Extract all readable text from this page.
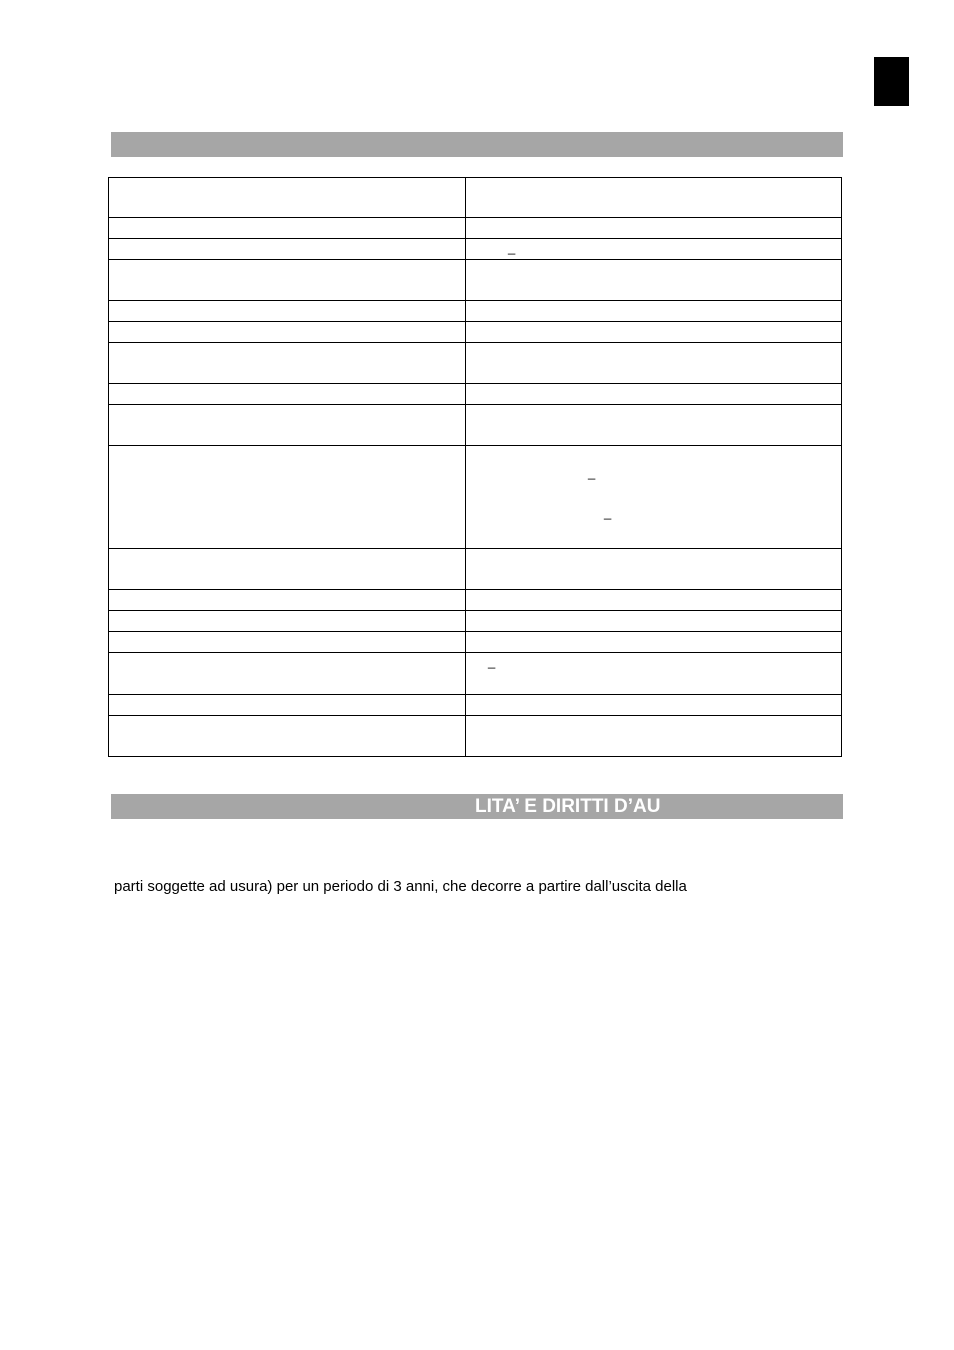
	_

	_
_

	_

LITA’ E DIRITTI D’AU
parti soggette ad usura) per un periodo di 3 anni, che decorre a partire dall’uscita della
